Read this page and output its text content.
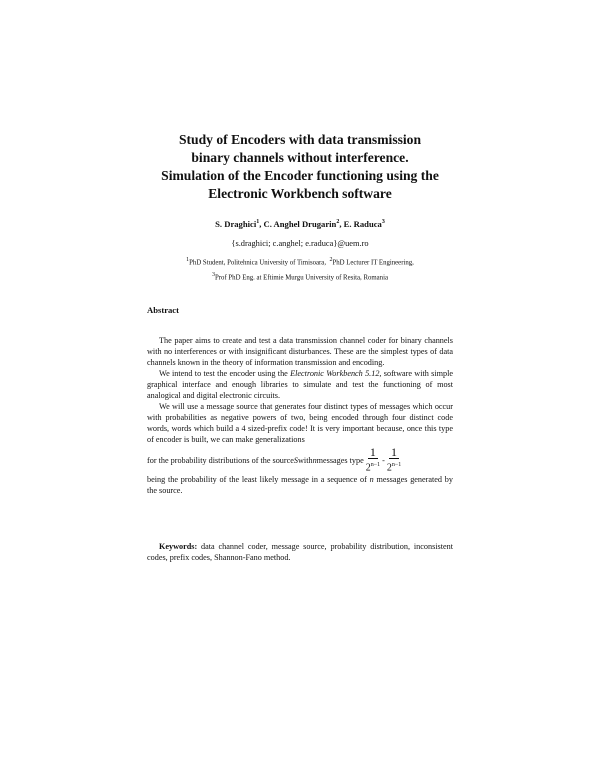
Study of Encoders with data transmission
binary channels without interference.
Simulation of the Encoder functioning using the
Electronic Workbench software
S. Draghici$^1$, C. Anghel Drugarin$^2$, E. Raduca$^3$
{s.draghici; c.anghel; e.raduca}@uem.ro
$^1$PhD Student, Politehnica University of Timisoara, $^2$PhD Lecturer IT Engineering,
$^3$Prof PhD Eng. at Eftimie Murgu University of Resita, Romania
Abstract

The paper aims to create and test a data transmission channel coder for binary channels with no interferences or with insignificant disturbances. These are the simplest types of data channels known in the theory of information transmission and encoding.

We intend to test the encoder using the Electronic Workbench 5.12, software with simple graphical interface and enough libraries to simulate and test the functioning of most analogical and digital electronic circuits.

We will use a message source that generates four distinct types of messages which occur with probabilities as negative powers of two, being encoded through four distinct code words, words which build a 4 sized-prefix code! It is very important because, once this type of encoder is built, we can make generalizations

for the probability distributions of the source S with n messages type $\frac{1}{2^{n-1}} - \frac{1}{2^{n-1}}$

being the probability of the least likely message in a sequence of n messages generated by the source.

Keywords: data channel coder, message source, probability distribution, inconsistent codes, prefix codes, Shannon-Fano method.
